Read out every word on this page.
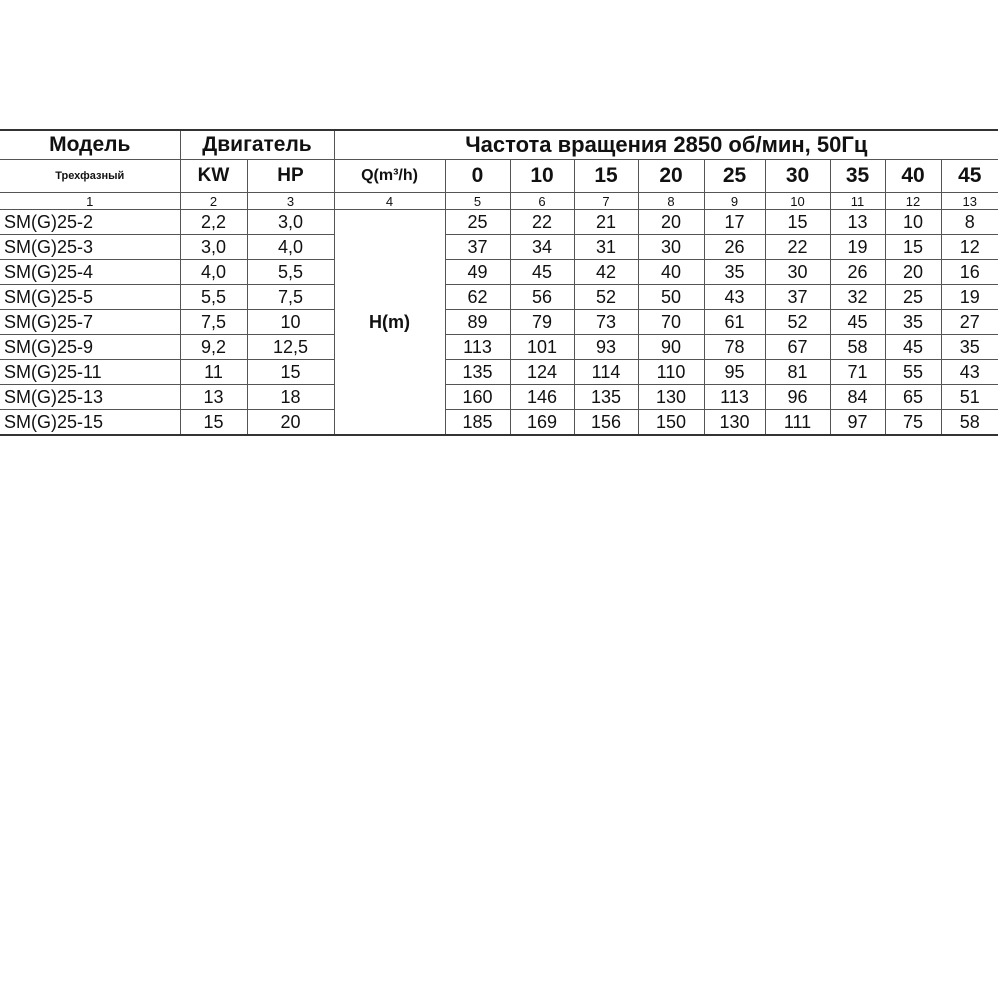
Модель	Двигатель		Частота вращения 2850 об/мин, 50Гц									
Трехфазный	KW	HP	Q(m³/h)	0	10	15	20	25	30	35	40	45
1	2	3	4	5	6	7	8	9	10	11	12	13
SM(G)25-2	2,2	3,0	H(m)	25	22	21	20	17	15	13	10	8
SM(G)25-3	3,0	4,0		37	34	31	30	26	22	19	15	12
SM(G)25-4	4,0	5,5		49	45	42	40	35	30	26	20	16
SM(G)25-5	5,5	7,5		62	56	52	50	43	37	32	25	19
SM(G)25-7	7,5	10		89	79	73	70	61	52	45	35	27
SM(G)25-9	9,2	12,5		113	101	93	90	78	67	58	45	35
SM(G)25-11	11	15		135	124	114	110	95	81	71	55	43
SM(G)25-13	13	18		160	146	135	130	113	96	84	65	51
SM(G)25-15	15	20		185	169	156	150	130	111	97	75	58
